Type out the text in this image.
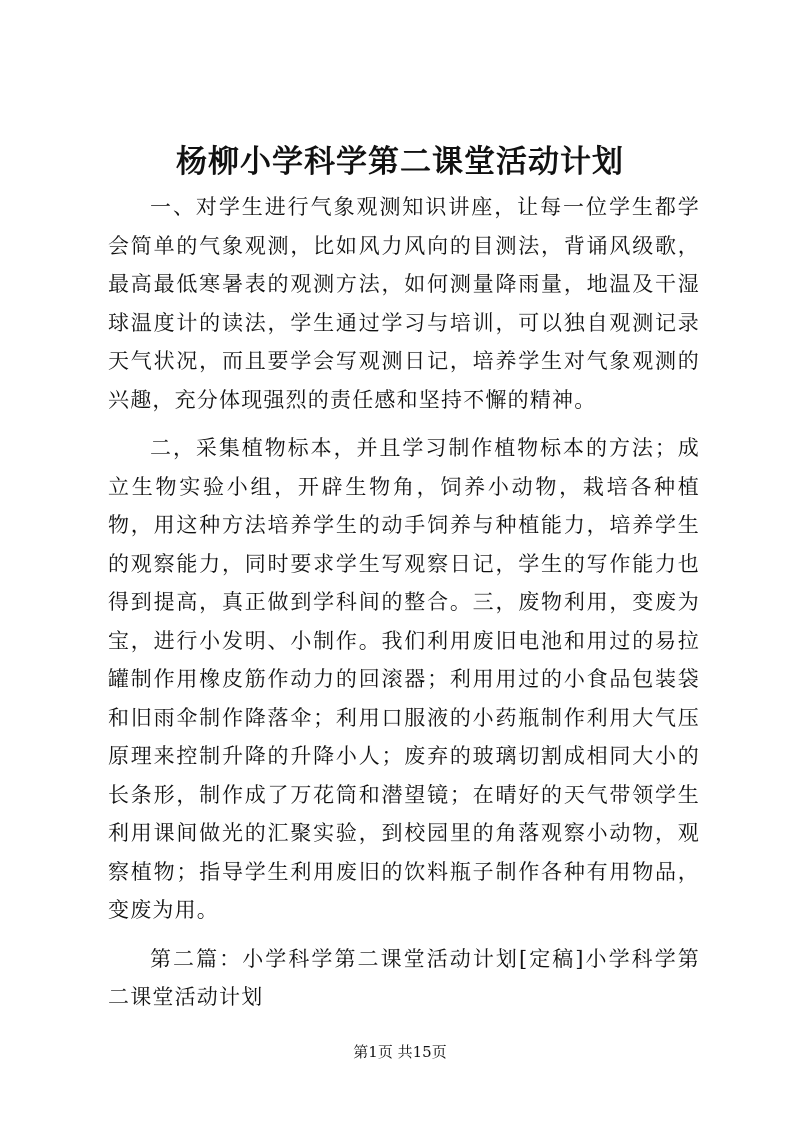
杨柳小学科学第二课堂活动计划

一、对学生进行气象观测知识讲座，让每一位学生都学会简单的气象观测，比如风力风向的目测法，背诵风级歌，最高最低寒暑表的观测方法，如何测量降雨量，地温及干湿球温度计的读法，学生通过学习与培训，可以独自观测记录天气状况，而且要学会写观测日记，培养学生对气象观测的兴趣，充分体现强烈的责任感和坚持不懈的精神。

二，采集植物标本，并且学习制作植物标本的方法；成立生物实验小组，开辟生物角，饲养小动物，栽培各种植物，用这种方法培养学生的动手饲养与种植能力，培养学生的观察能力，同时要求学生写观察日记，学生的写作能力也得到提高，真正做到学科间的整合。三，废物利用，变废为宝，进行小发明、小制作。我们利用废旧电池和用过的易拉罐制作用橡皮筋作动力的回滚器；利用用过的小食品包装袋和旧雨伞制作降落伞；利用口服液的小药瓶制作利用大气压原理来控制升降的升降小人；废弃的玻璃切割成相同大小的长条形，制作成了万花筒和潜望镜；在晴好的天气带领学生利用课间做光的汇聚实验，到校园里的角落观察小动物，观察植物；指导学生利用废旧的饮料瓶子制作各种有用物品，变废为用。

第二篇：小学科学第二课堂活动计划[定稿]小学科学第二课堂活动计划

第1页 共15页
